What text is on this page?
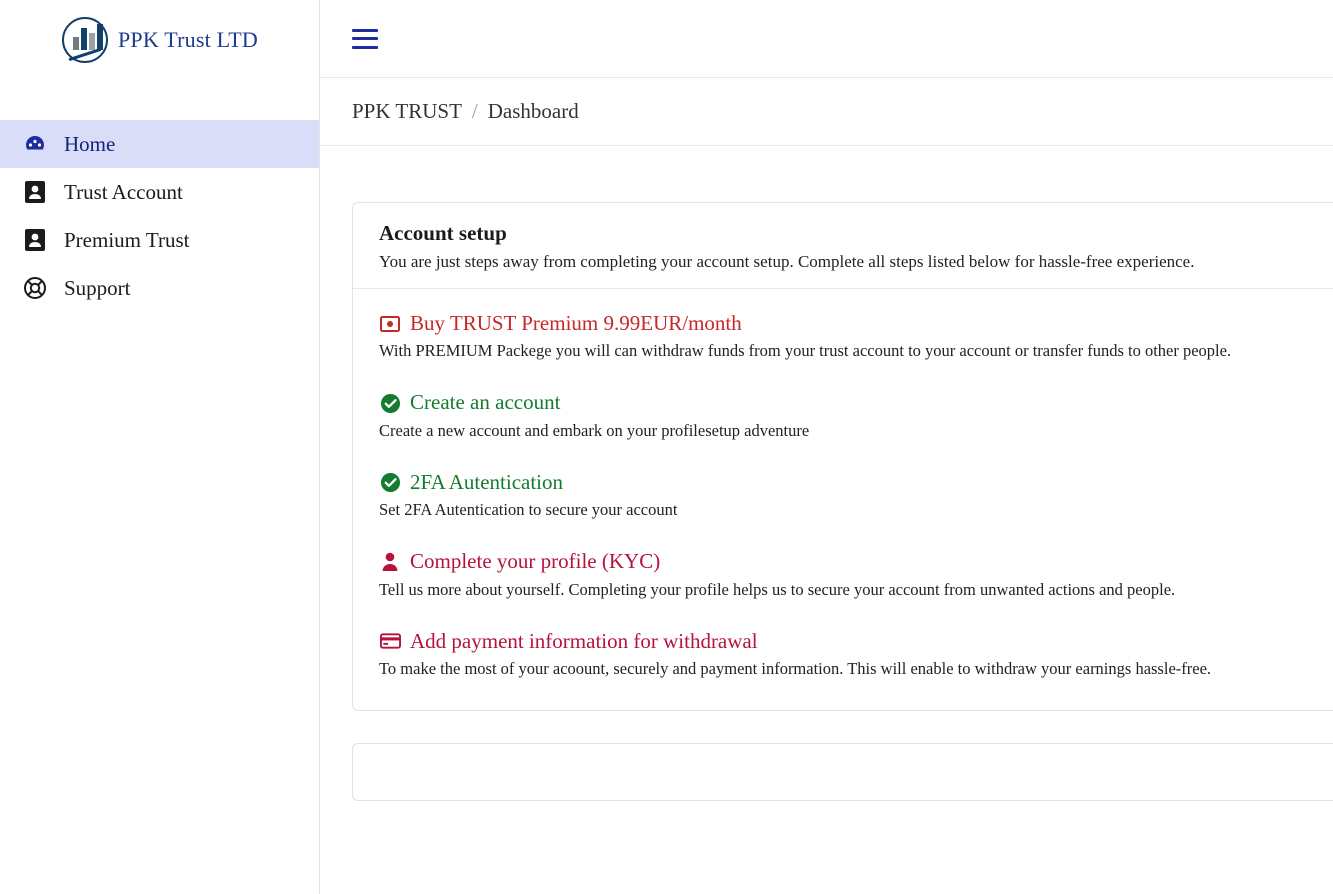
PPK Trust LTD
Home
Trust Account
Premium Trust
Support
PPK TRUST / Dashboard

Account setup

You are just steps away from completing your account setup. Complete all steps listed below for hassle-free experience.

Buy TRUST Premium 9.99EUR/month
With PREMIUM Packege you will can withdraw funds from your trust account to your account or transfer funds to other people.
Create an account
Create a new account and embark on your profilesetup adventure
2FA Autentication
Set 2FA Autentication to secure your account
Complete your profile (KYC)
Tell us more about yourself. Completing your profile helps us to secure your account from unwanted actions and people.
Add payment information for withdrawal
To make the most of your acoount, securely and payment information. This will enable to withdraw your earnings hassle-free.
